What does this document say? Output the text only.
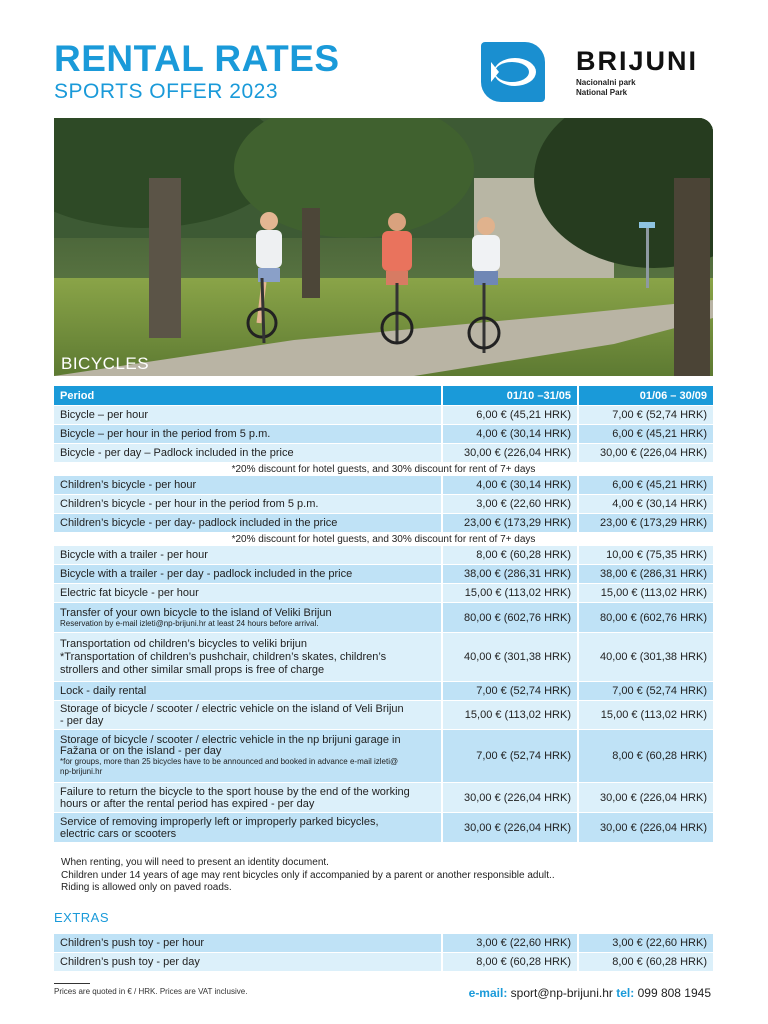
RENTAL RATES
SPORTS OFFER 2023
BRIJUNI
Nacionalni park
National Park
BICYCLES
Period	01/10 –31/05	01/06 – 30/09
Bicycle – per hour	6,00 € (45,21 HRK)	7,00 € (52,74 HRK)
Bicycle – per hour in the period from 5 p.m.	4,00 € (30,14 HRK)	6,00 € (45,21 HRK)
Bicycle - per day – Padlock included in the price	30,00 € (226,04 HRK)	30,00 € (226,04 HRK)
*20% discount for hotel guests, and 30% discount for rent of 7+ days		
Children’s bicycle - per hour	4,00 € (30,14 HRK)	6,00 € (45,21 HRK)
Children’s bicycle - per hour in the period from 5 p.m.	3,00 € (22,60 HRK)	4,00 € (30,14 HRK)
Children’s bicycle - per day- padlock included in the price	23,00 € (173,29 HRK)	23,00 € (173,29 HRK)
*20% discount for hotel guests, and 30% discount for rent of 7+ days		
Bicycle with a trailer - per hour	8,00 € (60,28 HRK)	10,00 € (75,35 HRK)
Bicycle with a trailer - per day - padlock included in the price	38,00 € (286,31 HRK)	38,00 € (286,31 HRK)
Electric fat bicycle - per hour	15,00 € (113,02 HRK)	15,00 € (113,02 HRK)

Transfer of your own bicycle to the island of Veliki Brijun
Reservation by e-mail izleti@np-brijuni.hr at least 24 hours before arrival.	80,00 € (602,76 HRK)	80,00 € (602,76 HRK)

Transportation od children’s bicycles to veliki brijun
*Transportation of children’s pushchair, children’s skates, children’s
strollers and other similar small props is free of charge	40,00 € (301,38 HRK)	40,00 € (301,38 HRK)
Lock - daily rental	7,00 € (52,74 HRK)	7,00 € (52,74 HRK)

Storage of bicycle / scooter / electric vehicle on the island of Veli Brijun
- per day	15,00 € (113,02 HRK)	15,00 € (113,02 HRK)

Storage of bicycle / scooter / electric vehicle in the np brijuni garage in
Fažana or on the island - per day
*for groups, more than 25 bicycles have to be announced and booked in advance e-mail izleti@
np-brijuni.hr	7,00 € (52,74 HRK)	8,00 € (60,28 HRK)

Failure to return the bicycle to the sport house by the end of the working
hours or after the rental period has expired - per day	30,00 € (226,04 HRK)	30,00 € (226,04 HRK)

Service of removing improperly left or improperly parked bicycles,
electric cars or scooters	30,00 € (226,04 HRK)	30,00 € (226,04 HRK)
When renting, you will need to present an identity document.
Children under 14 years of age may rent bicycles only if accompanied by a parent or another responsible adult..
Riding is allowed only on paved roads.
EXTRAS
Children’s push toy - per hour	3,00 € (22,60 HRK)	3,00 € (22,60 HRK)
Children’s push toy - per day	8,00 € (60,28 HRK)	8,00 € (60,28 HRK)
Prices are quoted in € / HRK. Prices are VAT inclusive.	e-mail: sport@np-brijuni.hr tel: 099 808 1945
